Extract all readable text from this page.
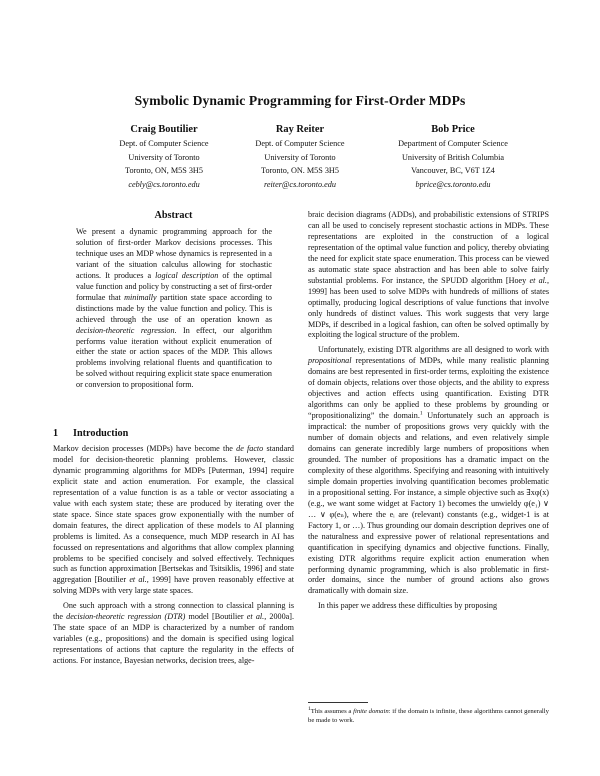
Symbolic Dynamic Programming for First-Order MDPs
Craig Boutilier
Dept. of Computer Science
University of Toronto
Toronto, ON, M5S 3H5
cebly@cs.toronto.edu
Ray Reiter
Dept. of Computer Science
University of Toronto
Toronto, ON. M5S 3H5
reiter@cs.toronto.edu
Bob Price
Department of Computer Science
University of British Columbia
Vancouver, BC, V6T 1Z4
bprice@cs.toronto.edu
Abstract
We present a dynamic programming approach for the solution of first-order Markov decisions processes. This technique uses an MDP whose dynamics is represented in a variant of the situation calculus allowing for stochastic actions. It produces a logical description of the optimal value function and policy by constructing a set of first-order formulae that minimally partition state space according to distinctions made by the value function and policy. This is achieved through the use of an operation known as decision-theoretic regression. In effect, our algorithm performs value iteration without explicit enumeration of either the state or action spaces of the MDP. This allows problems involving relational fluents and quantification to be solved without requiring explicit state space enumeration or conversion to propositional form.
1 Introduction

Markov decision processes (MDPs) have become the de facto standard model for decision-theoretic planning problems. However, classic dynamic programming algorithms for MDPs [Puterman, 1994] require explicit state and action enumeration. For example, the classical representation of a value function is as a table or vector associating a value with each system state; these are produced by iterating over the state space. Since state spaces grow exponentially with the number of domain features, the direct application of these models to AI planning problems is limited. As a consequence, much MDP research in AI has focussed on representations and algorithms that allow complex planning problems to be specified concisely and solved effectively. Techniques such as function approximation [Bertsekas and Tsitsiklis, 1996] and state aggregation [Boutilier et al., 1999] have proven reasonably effective at solving MDPs with very large state spaces.

One such approach with a strong connection to classical planning is the decision-theoretic regression (DTR) model [Boutilier et al., 2000a]. The state space of an MDP is characterized by a number of random variables (e.g., propositions) and the domain is specified using logical representations of actions that capture the regularity in the effects of actions. For instance, Bayesian networks, decision trees, alge-

braic decision diagrams (ADDs), and probabilistic extensions of STRIPS can all be used to concisely represent stochastic actions in MDPs. These representations are exploited in the construction of a logical representation of the optimal value function and policy, thereby obviating the need for explicit state space enumeration. This process can be viewed as automatic state space abstraction and has been able to solve fairly substantial problems. For instance, the SPUDD algorithm [Hoey et al., 1999] has been used to solve MDPs with hundreds of millions of states optimally, producing logical descriptions of value functions that involve only hundreds of distinct values. This work suggests that very large MDPs, if described in a logical fashion, can often be solved optimally by exploiting the logical structure of the problem.

Unfortunately, existing DTR algorithms are all designed to work with propositional representations of MDPs, while many realistic planning domains are best represented in first-order terms, exploiting the existence of domain objects, relations over those objects, and the ability to express objectives and action effects using quantification. Existing DTR algorithms can only be applied to these problems by grounding or “propositionalizing” the domain.$^1$ Unfortunately such an approach is impractical: the number of propositions grows very quickly with the number of domain objects and relations, and even relatively simple domains can generate incredibly large numbers of propositions when grounded. The number of propositions has a dramatic impact on the complexity of these algorithms. Specifying and reasoning with intuitively simple domain properties involving quantification becomes problematic in a propositional setting. For instance, a simple objective such as ∃xφ(x) (e.g., we want some widget at Factory 1) becomes the unwieldy φ(e₁) ∨ … ∨ φ(eₙ), where the eᵢ are (relevant) constants (e.g., widget-1 is at Factory 1, or …). Thus grounding our domain description deprives one of the naturalness and expressive power of relational representations and quantification in specifying dynamics and objective functions. Finally, existing DTR algorithms require explicit action enumeration when performing dynamic programming, which is also problematic in first-order domains, since the number of ground actions also grows dramatically with domain size.

In this paper we address these difficulties by proposing

$^1$This assumes a finite domain: if the domain is infinite, these algorithms cannot generally be made to work.
